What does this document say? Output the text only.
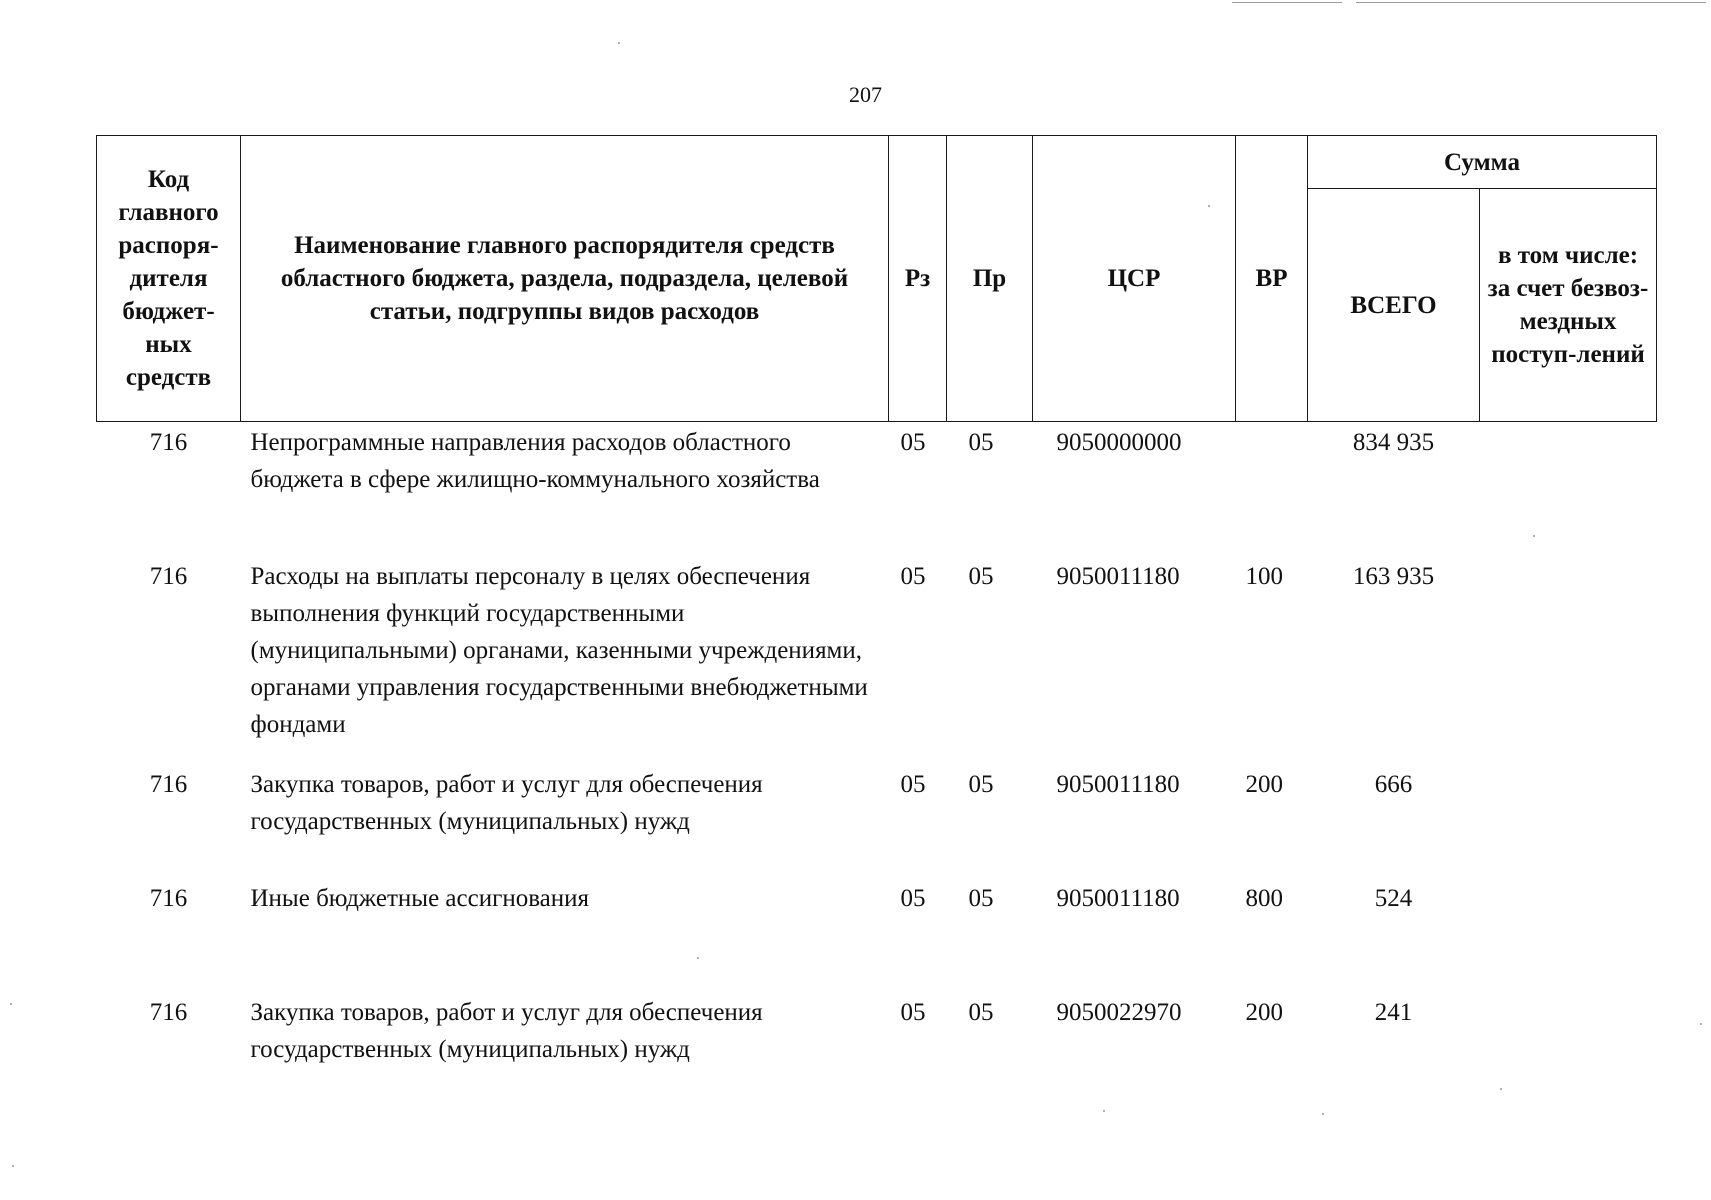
207
Код главного распоря-дителя бюджет-ных средств	Наименование главного распорядителя средств областного бюджета, раздела, подраздела, целевой статьи, подгруппы видов расходов	Рз	Пр	ЦСР	ВР	Сумма	
						ВСЕГО	в том числе: за счет безвоз-мездных поступ-лений
716	Непрограммные направления расходов областного бюджета в сфере жилищно-коммунального хозяйства	05	05	9050000000		834 935	
716	Расходы на выплаты персоналу в целях обеспечения выполнения функций государственными (муниципальными) органами, казенными учреждениями, органами управления государственными внебюджетными фондами	05	05	9050011180	100	163 935	
716	Закупка товаров, работ и услуг для обеспечения государственных (муниципальных) нужд	05	05	9050011180	200	666	
716	Иные бюджетные ассигнования	05	05	9050011180	800	524	
716	Закупка товаров, работ и услуг для обеспечения государственных (муниципальных) нужд	05	05	9050022970	200	241	
